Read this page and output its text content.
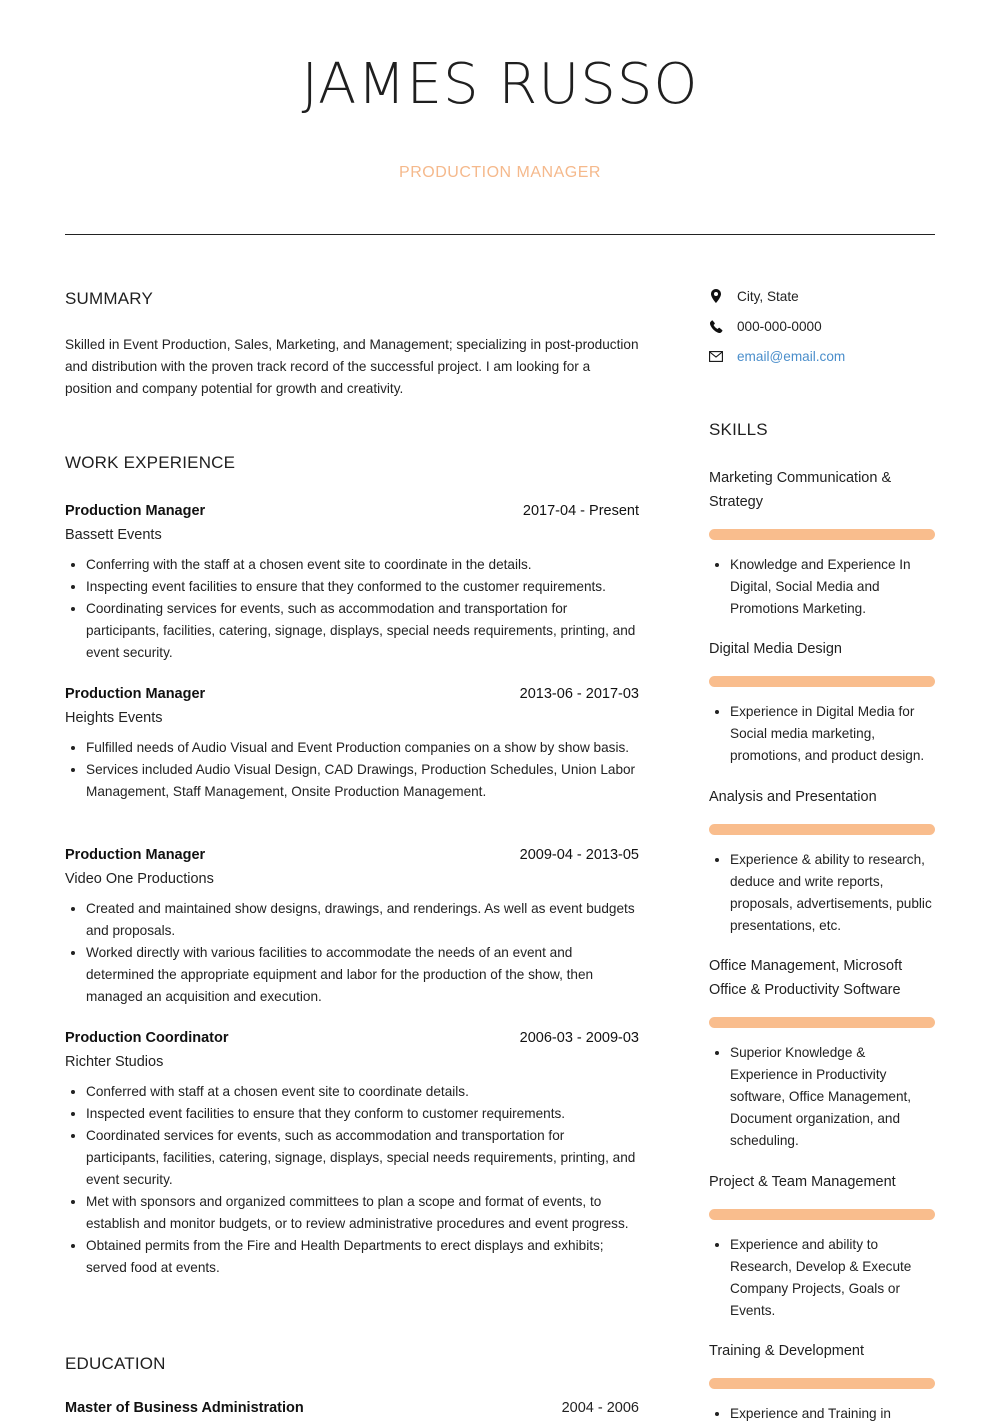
JAMES RUSSO
PRODUCTION MANAGER
SUMMARY
Skilled in Event Production, Sales, Marketing, and Management; specializing in post-production and distribution with the proven track record of the successful project. I am looking for a position and company potential for growth and creativity.
WORK EXPERIENCE
Production Manager	2017-04 - Present
Bassett Events
• Conferring with the staff at a chosen event site to coordinate in the details.
• Inspecting event facilities to ensure that they conformed to the customer requirements.
• Coordinating services for events, such as accommodation and transportation for participants, facilities, catering, signage, displays, special needs requirements, printing, and event security.
Production Manager	2013-06 - 2017-03
Heights Events
• Fulfilled needs of Audio Visual and Event Production companies on a show by show basis.
• Services included Audio Visual Design, CAD Drawings, Production Schedules, Union Labor Management, Staff Management, Onsite Production Management.
Production Manager	2009-04 - 2013-05
Video One Productions
• Created and maintained show designs, drawings, and renderings. As well as event budgets and proposals.
• Worked directly with various facilities to accommodate the needs of an event and determined the appropriate equipment and labor for the production of the show, then managed an acquisition and execution.
Production Coordinator	2006-03 - 2009-03
Richter Studios
• Conferred with staff at a chosen event site to coordinate details.
• Inspected event facilities to ensure that they conform to customer requirements.
• Coordinated services for events, such as accommodation and transportation for participants, facilities, catering, signage, displays, special needs requirements, printing, and event security.
• Met with sponsors and organized committees to plan a scope and format of events, to establish and monitor budgets, or to review administrative procedures and event progress.
• Obtained permits from the Fire and Health Departments to erect displays and exhibits; served food at events.
EDUCATION
Master of Business Administration	2004 - 2006
City, State
000-000-0000
email@email.com
SKILLS
Marketing Communication & Strategy
• Knowledge and Experience In Digital, Social Media and Promotions Marketing.
Digital Media Design
• Experience in Digital Media for Social media marketing, promotions, and product design.
Analysis and Presentation
• Experience & ability to research, deduce and write reports, proposals, advertisements, public presentations, etc.
Office Management, Microsoft Office & Productivity Software
• Superior Knowledge & Experience in Productivity software, Office Management, Document organization, and scheduling.
Project & Team Management
• Experience and ability to Research, Develop & Execute Company Projects, Goals or Events.
Training & Development
• Experience and Training in
